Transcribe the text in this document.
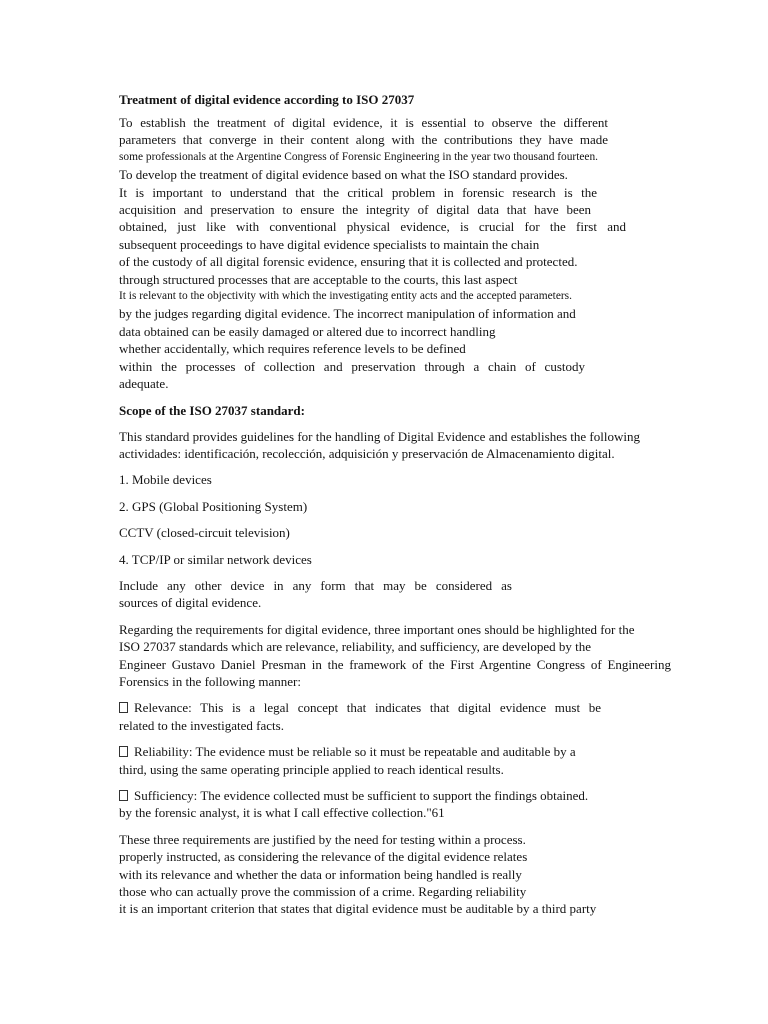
Treatment of digital evidence according to ISO 27037
To establish the treatment of digital evidence, it is essential to observe the different
parameters that converge in their content along with the contributions they have made
some professionals at the Argentine Congress of Forensic Engineering in the year two thousand fourteen.
To develop the treatment of digital evidence based on what the ISO standard provides.
It is important to understand that the critical problem in forensic research is the
acquisition and preservation to ensure the integrity of digital data that have been
obtained, just like with conventional physical evidence, is crucial for the first and
subsequent proceedings to have digital evidence specialists to maintain the chain
of the custody of all digital forensic evidence, ensuring that it is collected and protected.
through structured processes that are acceptable to the courts, this last aspect
It is relevant to the objectivity with which the investigating entity acts and the accepted parameters.
by the judges regarding digital evidence. The incorrect manipulation of information and
data obtained can be easily damaged or altered due to incorrect handling
whether accidentally, which requires reference levels to be defined
within the processes of collection and preservation through a chain of custody
adequate.
Scope of the ISO 27037 standard:
This standard provides guidelines for the handling of Digital Evidence and establishes the following
actividades: identificación, recolección, adquisición y preservación de Almacenamiento digital.
1. Mobile devices
2. GPS (Global Positioning System)
CCTV (closed-circuit television)
4. TCP/IP or similar network devices
Include any other device in any form that may be considered as
sources of digital evidence.
Regarding the requirements for digital evidence, three important ones should be highlighted for the
ISO 27037 standards which are relevance, reliability, and sufficiency, are developed by the
Engineer Gustavo Daniel Presman in the framework of the First Argentine Congress of Engineering
Forensics in the following manner:
Relevance: This is a legal concept that indicates that digital evidence must be
related to the investigated facts.
Reliability: The evidence must be reliable so it must be repeatable and auditable by a
third, using the same operating principle applied to reach identical results.
Sufficiency: The evidence collected must be sufficient to support the findings obtained.
by the forensic analyst, it is what I call effective collection."61
These three requirements are justified by the need for testing within a process.
properly instructed, as considering the relevance of the digital evidence relates
with its relevance and whether the data or information being handled is really
those who can actually prove the commission of a crime. Regarding reliability
it is an important criterion that states that digital evidence must be auditable by a third party
